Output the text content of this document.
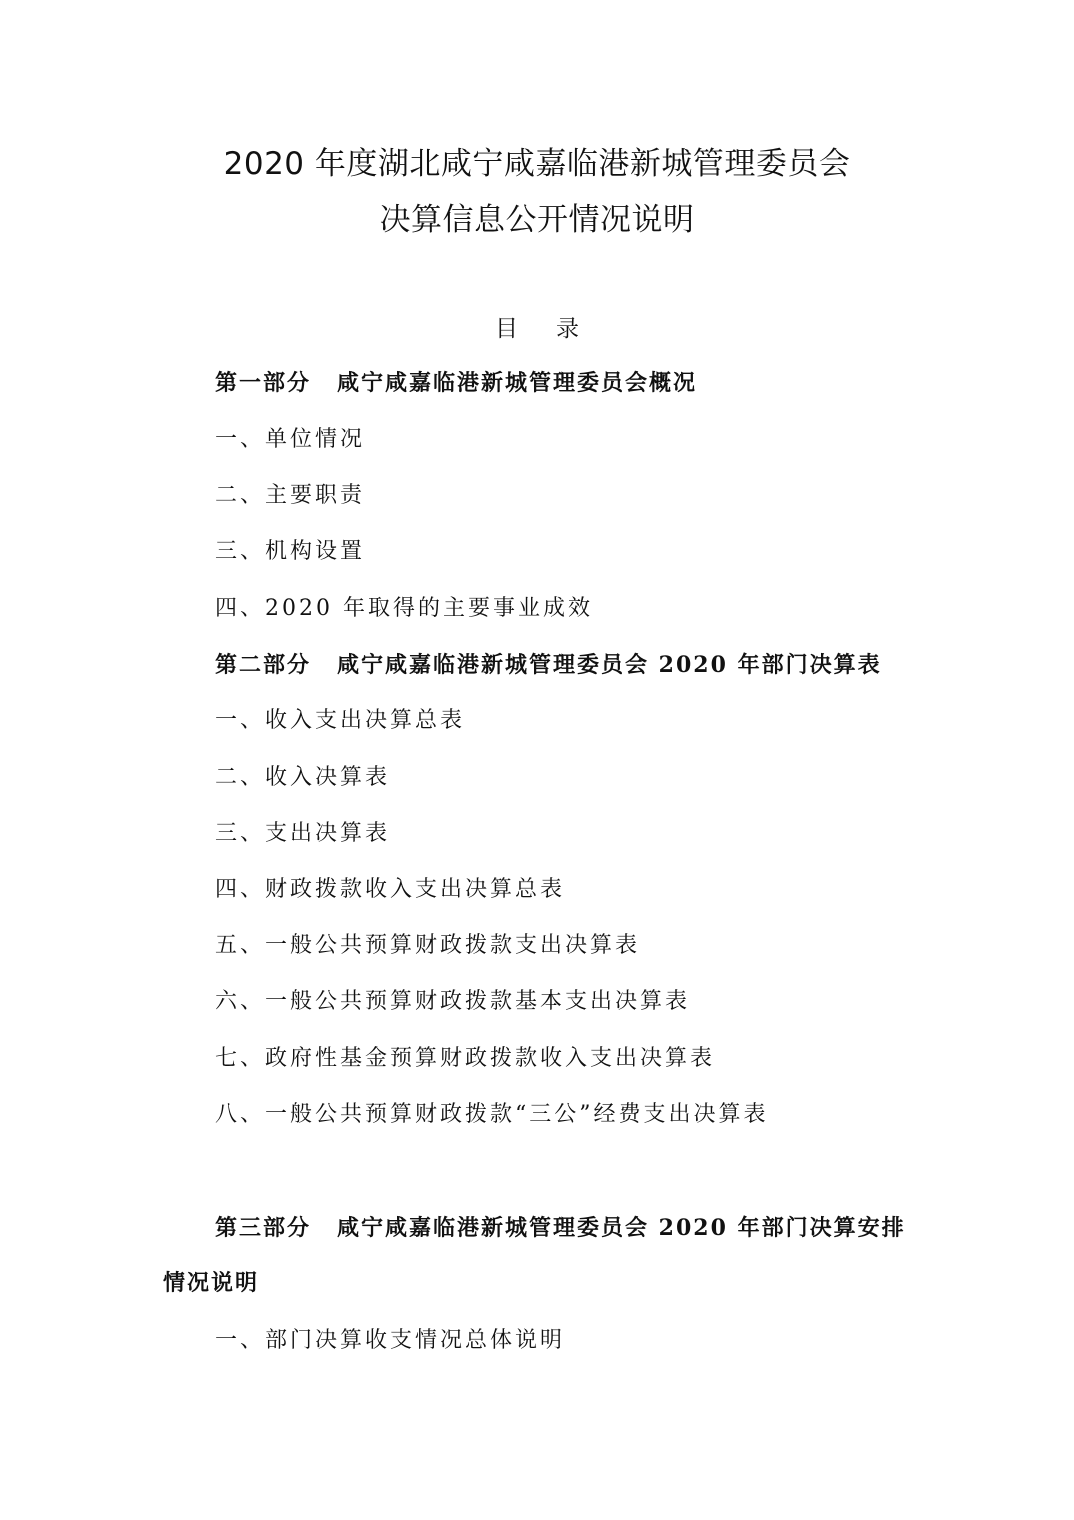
2020 年度湖北咸宁咸嘉临港新城管理委员会
决算信息公开情况说明
目录
第一部分 咸宁咸嘉临港新城管理委员会概况
一、单位情况
二、主要职责
三、机构设置
四、2020 年取得的主要事业成效
第二部分 咸宁咸嘉临港新城管理委员会 2020 年部门决算表
一、收入支出决算总表
二、收入决算表
三、支出决算表
四、财政拨款收入支出决算总表
五、一般公共预算财政拨款支出决算表
六、一般公共预算财政拨款基本支出决算表
七、政府性基金预算财政拨款收入支出决算表
八、一般公共预算财政拨款“三公”经费支出决算表
第三部分 咸宁咸嘉临港新城管理委员会 2020 年部门决算安排
情况说明
一、部门决算收支情况总体说明
